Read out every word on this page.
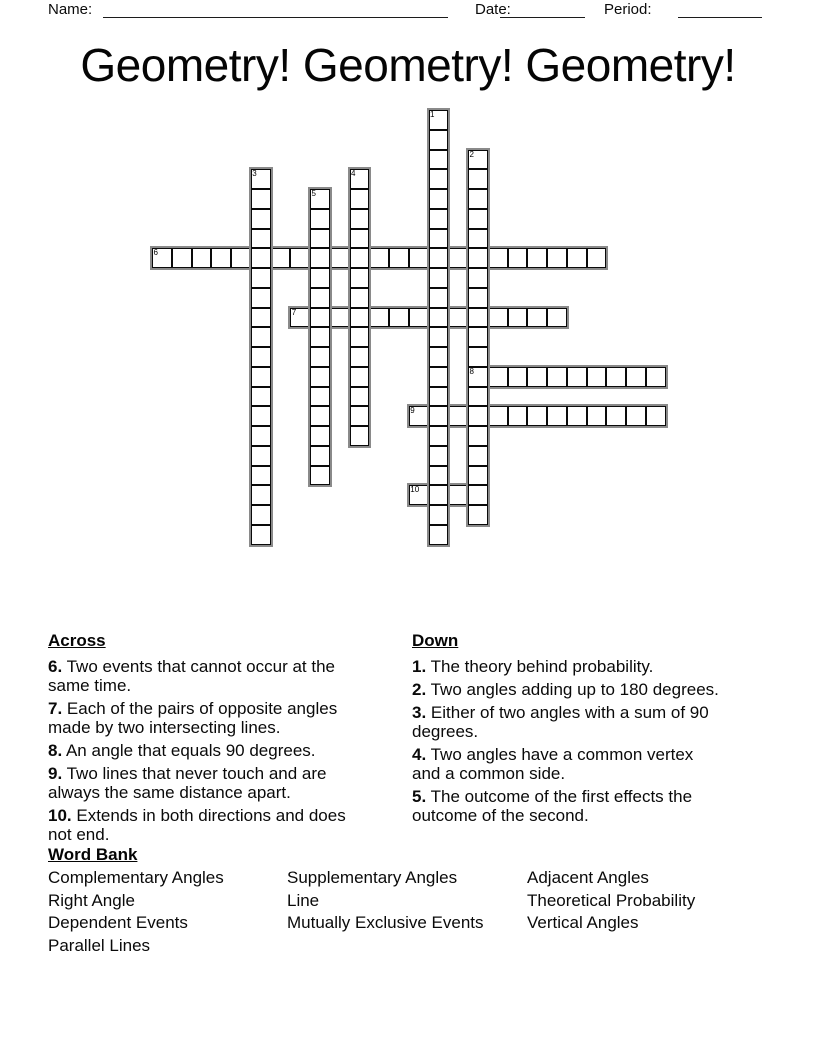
Name:	Date:	Period:
Geometry! Geometry! Geometry!
6
7
8
9
10
1
2
3	4
5
Across

6. Two events that cannot occur at the
same time.

7. Each of the pairs of opposite angles
made by two intersecting lines.

8. An angle that equals 90 degrees.

9. Two lines that never touch and are
always the same distance apart.

10. Extends in both directions and does
not end.

Down

1. The theory behind probability.

2. Two angles adding up to 180 degrees.

3. Either of two angles with a sum of 90
degrees.

4. Two angles have a common vertex
and a common side.

5. The outcome of the first effects the
outcome of the second.

Word Bank
Complementary Angles
Right Angle
Dependent Events
Parallel Lines
Supplementary Angles
Line
Mutually Exclusive Events
Adjacent Angles
Theoretical Probability
Vertical Angles
